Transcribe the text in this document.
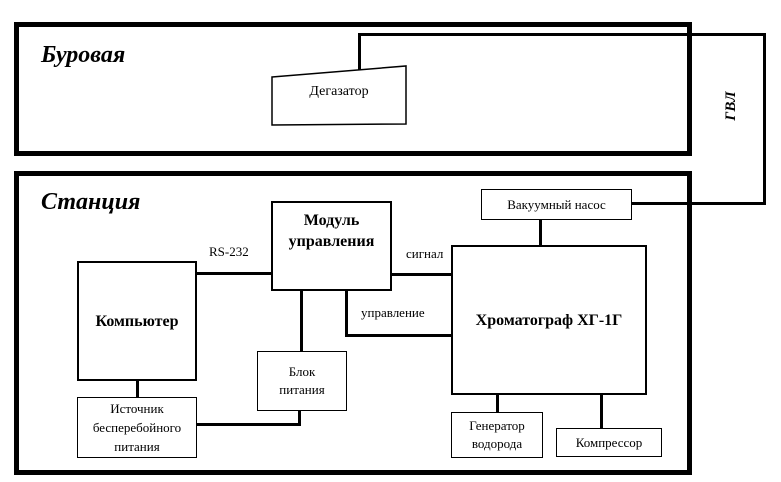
Буровая
Станция
Дегазатор
Вакуумный насос
Модуль
управления
Компьютер	Хроматограф ХГ-1Г
Блок
питания
Источник
бесперебойного
питания
Генератор
водорода	Компрессор
RS-232	сигнал
управление
ГВЛ
